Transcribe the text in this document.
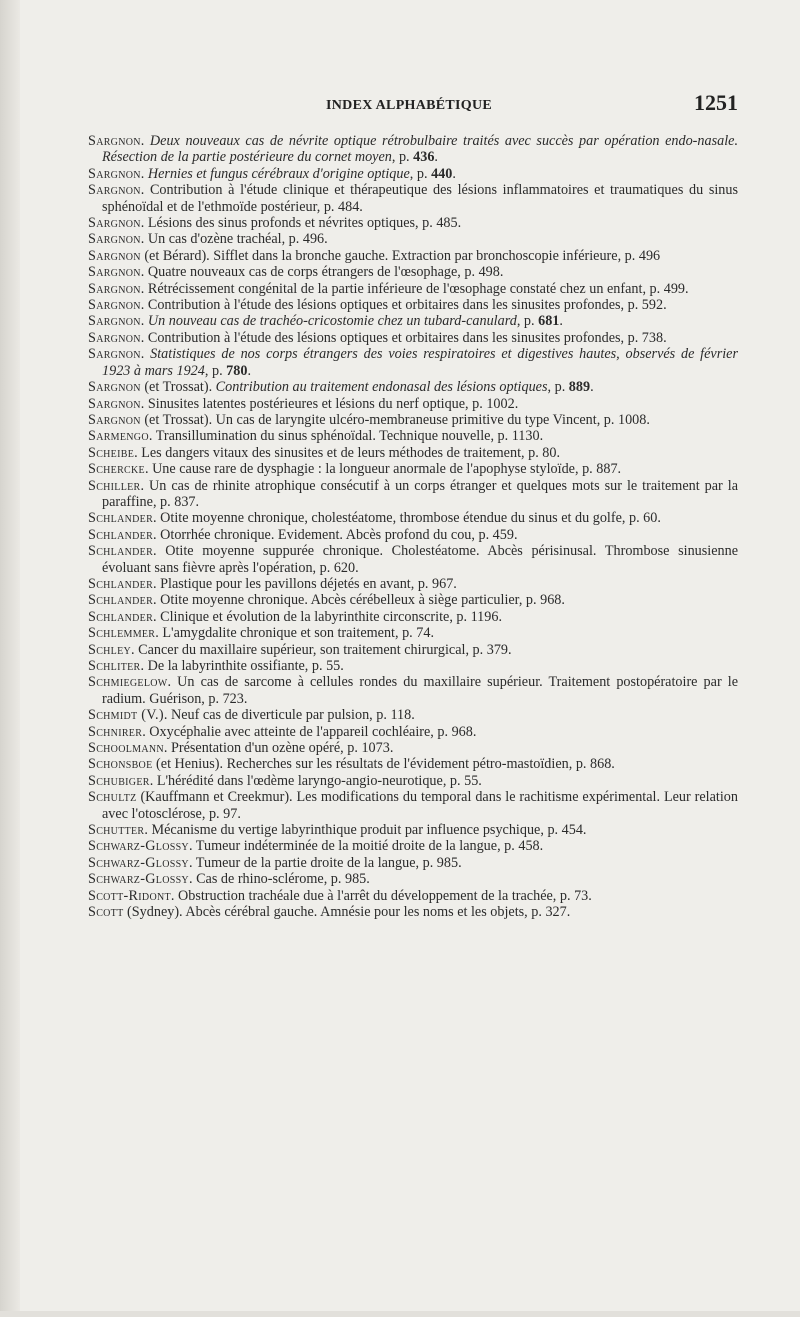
INDEX ALPHABÉTIQUE	1251
Sargnon. Deux nouveaux cas de névrite optique rétrobulbaire traités avec succès par opération endo-nasale. Résection de la partie postérieure du cornet moyen, p. 436.
Sargnon. Hernies et fungus cérébraux d'origine optique, p. 440.
Sargnon. Contribution à l'étude clinique et thérapeutique des lésions inflammatoires et traumatiques du sinus sphénoïdal et de l'ethmoïde postérieur, p. 484.
Sargnon. Lésions des sinus profonds et névrites optiques, p. 485.
Sargnon. Un cas d'ozène trachéal, p. 496.
Sargnon (et Bérard). Sifflet dans la bronche gauche. Extraction par bronchoscopie inférieure, p. 496
Sargnon. Quatre nouveaux cas de corps étrangers de l'œsophage, p. 498.
Sargnon. Rétrécissement congénital de la partie inférieure de l'œsophage constaté chez un enfant, p. 499.
Sargnon. Contribution à l'étude des lésions optiques et orbitaires dans les sinusites profondes, p. 592.
Sargnon. Un nouveau cas de trachéo-cricostomie chez un tubard-canulard, p. 681.
Sargnon. Contribution à l'étude des lésions optiques et orbitaires dans les sinusites profondes, p. 738.
Sargnon. Statistiques de nos corps étrangers des voies respiratoires et digestives hautes, observés de février 1923 à mars 1924, p. 780.
Sargnon (et Trossat). Contribution au traitement endonasal des lésions optiques, p. 889.
Sargnon. Sinusites latentes postérieures et lésions du nerf optique, p. 1002.
Sargnon (et Trossat). Un cas de laryngite ulcéro-membraneuse primitive du type Vincent, p. 1008.
Sarmengo. Transillumination du sinus sphénoïdal. Technique nouvelle, p. 1130.
Scheibe. Les dangers vitaux des sinusites et de leurs méthodes de traitement, p. 80.
Schercke. Une cause rare de dysphagie : la longueur anormale de l'apophyse styloïde, p. 887.
Schiller. Un cas de rhinite atrophique consécutif à un corps étranger et quelques mots sur le traitement par la paraffine, p. 837.
Schlander. Otite moyenne chronique, cholestéatome, thrombose étendue du sinus et du golfe, p. 60.
Schlander. Otorrhée chronique. Evidement. Abcès profond du cou, p. 459.
Schlander. Otite moyenne suppurée chronique. Cholestéatome. Abcès périsinusal. Thrombose sinusienne évoluant sans fièvre après l'opération, p. 620.
Schlander. Plastique pour les pavillons déjetés en avant, p. 967.
Schlander. Otite moyenne chronique. Abcès cérébelleux à siège particulier, p. 968.
Schlander. Clinique et évolution de la labyrinthite circonscrite, p. 1196.
Schlemmer. L'amygdalite chronique et son traitement, p. 74.
Schley. Cancer du maxillaire supérieur, son traitement chirurgical, p. 379.
Schliter. De la labyrinthite ossifiante, p. 55.
Schmiegelow. Un cas de sarcome à cellules rondes du maxillaire supérieur. Traitement postopératoire par le radium. Guérison, p. 723.
Schmidt (V.). Neuf cas de diverticule par pulsion, p. 118.
Schnirer. Oxycéphalie avec atteinte de l'appareil cochléaire, p. 968.
Schoolmann. Présentation d'un ozène opéré, p. 1073.
Schonsboe (et Henius). Recherches sur les résultats de l'évidement pétro-mastoïdien, p. 868.
Schubiger. L'hérédité dans l'œdème laryngo-angio-neurotique, p. 55.
Schultz (Kauffmann et Creekmur). Les modifications du temporal dans le rachitisme expérimental. Leur relation avec l'otosclérose, p. 97.
Schutter. Mécanisme du vertige labyrinthique produit par influence psychique, p. 454.
Schwarz-Glossy. Tumeur indéterminée de la moitié droite de la langue, p. 458.
Schwarz-Glossy. Tumeur de la partie droite de la langue, p. 985.
Schwarz-Glossy. Cas de rhino-sclérome, p. 985.
Scott-Ridont. Obstruction trachéale due à l'arrêt du développement de la trachée, p. 73.
Scott (Sydney). Abcès cérébral gauche. Amnésie pour les noms et les objets, p. 327.
